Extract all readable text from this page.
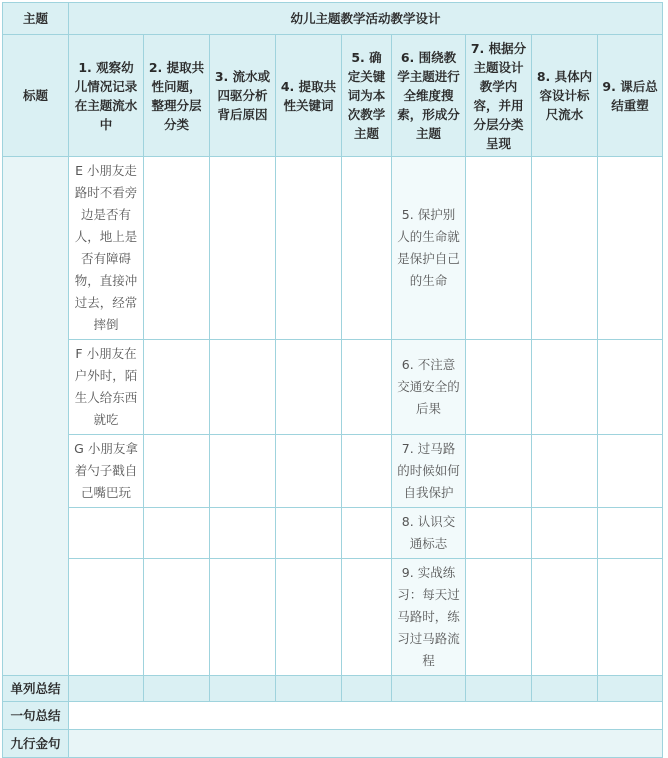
主题	幼儿主题教学活动教学设计								
标题	1. 观察幼儿情况记录在主题流水中	2. 提取共性问题，整理分层分类	3. 流水或四驱分析背后原因	4. 提取共性关键词	5. 确定关键词为本次教学主题	6. 围绕教学主题进行全维度搜索，形成分主题	7. 根据分主题设计教学内容，并用分层分类呈现	8. 具体内容设计标尺流水	9. 课后总结重塑
	E 小朋友走路时不看旁边是否有人，地上是否有障碍物，直接冲过去，经常摔倒					5. 保护别人的生命就是保护自己的生命			
	F 小朋友在户外时，陌生人给东西就吃					6. 不注意交通安全的后果			
	G 小朋友拿着勺子戳自己嘴巴玩					7. 过马路的时候如何自我保护			
						8. 认识交通标志			
						9. 实战练习：每天过马路时，练习过马路流程			
单列总结									
一句总结									
九行金句									
